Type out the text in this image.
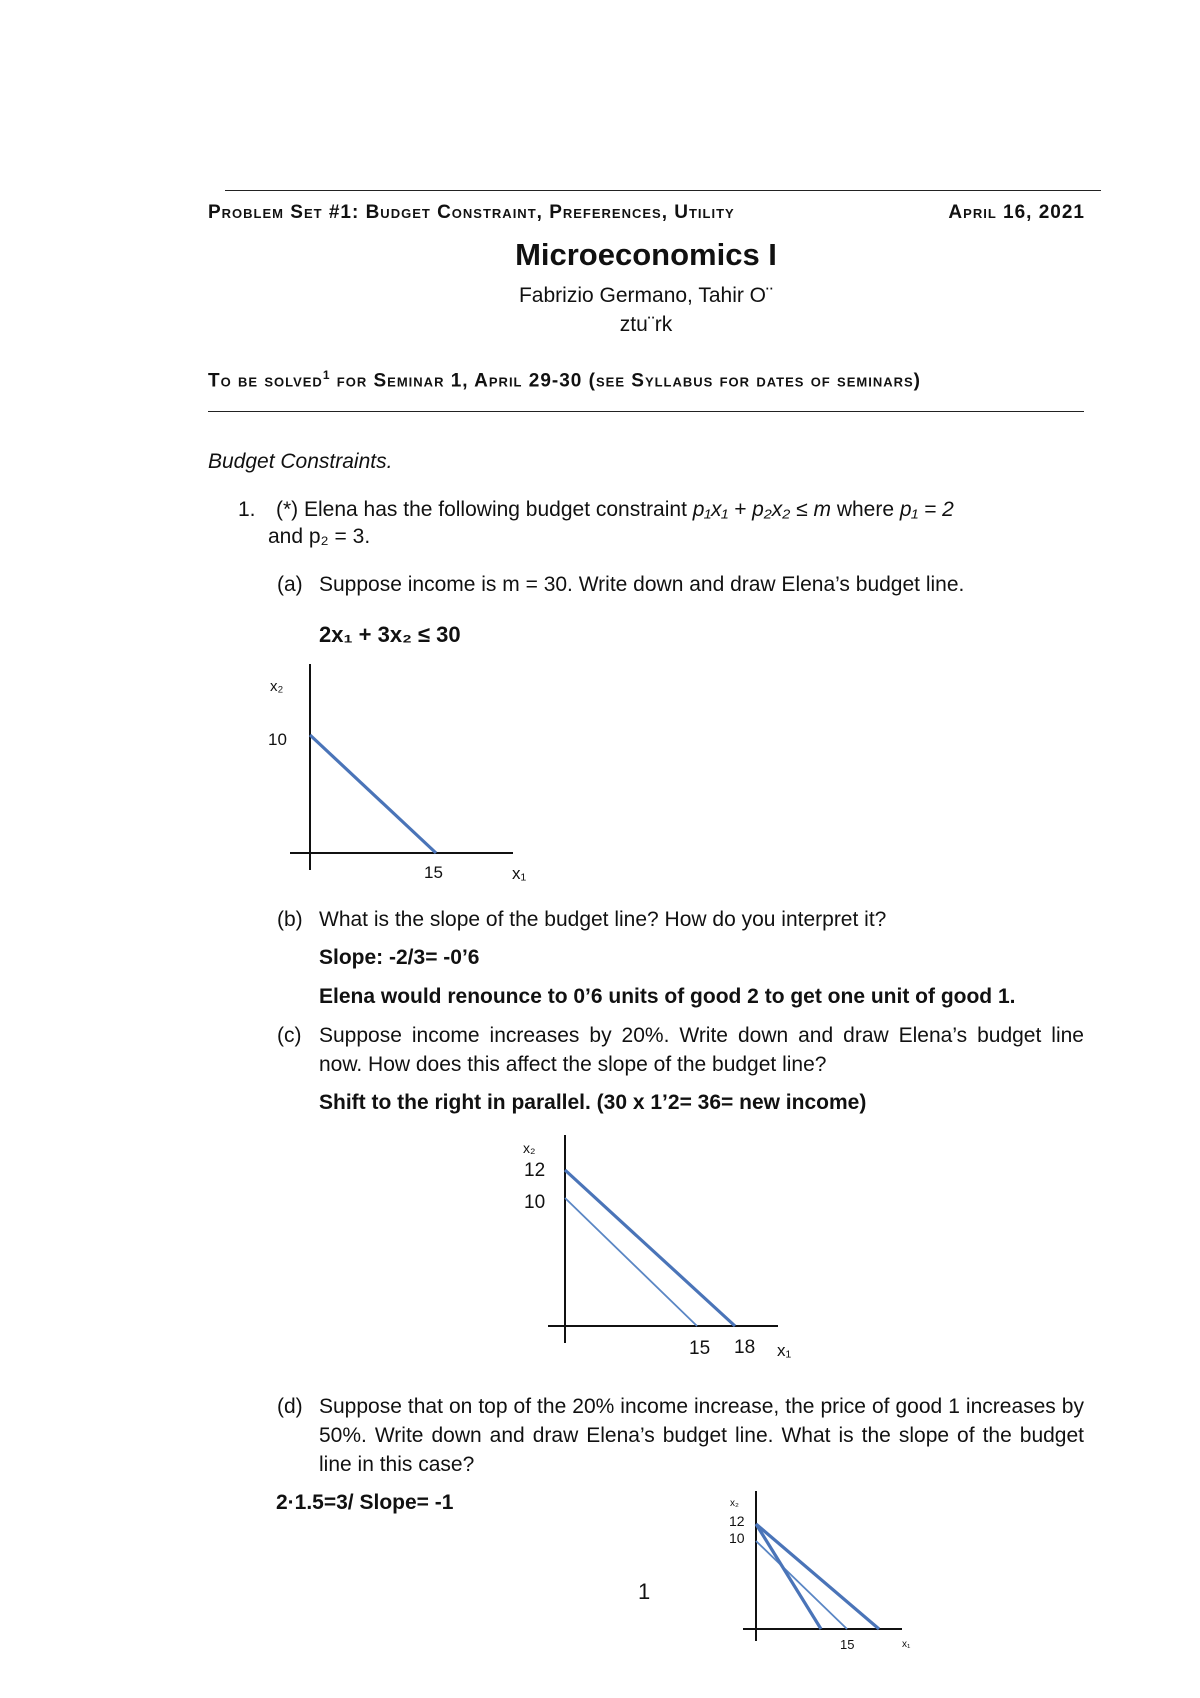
Problem Set #1: Budget Constraint, Preferences, Utility	April 16, 2021
Microeconomics I
Fabrizio Germano, Tahir O¨
ztu¨rk
To be solved$^1$ for Seminar 1, April 29-30 (see Syllabus for dates of seminars)
Budget Constraints.
1. (*) Elena has the following budget constraint p₁x₁ + p₂x₂ ≤ m where p₁ = 2
and p₂ = 3.
(a) Suppose income is m = 30. Write down and draw Elena’s budget line.
2x₁ + 3x₂ ≤ 30
x₂
10
15	x₁
(b) What is the slope of the budget line? How do you interpret it?
Slope: -2/3= -0’6
Elena would renounce to 0’6 units of good 2 to get one unit of good 1.
(c) Suppose income increases by 20%. Write down and draw Elena’s budget line now. How does this affect the slope of the budget line?
Shift to the right in parallel. (30 x 1’2= 36= new income)
x₂
12
10
15 18 x₁
(d) Suppose that on top of the 20% income increase, the price of good 1 increases by 50%. Write down and draw Elena’s budget line. What is the slope of the budget line in this case?
2·1.5=3/ Slope= -1	x₂
12
10
15	x₁
1
